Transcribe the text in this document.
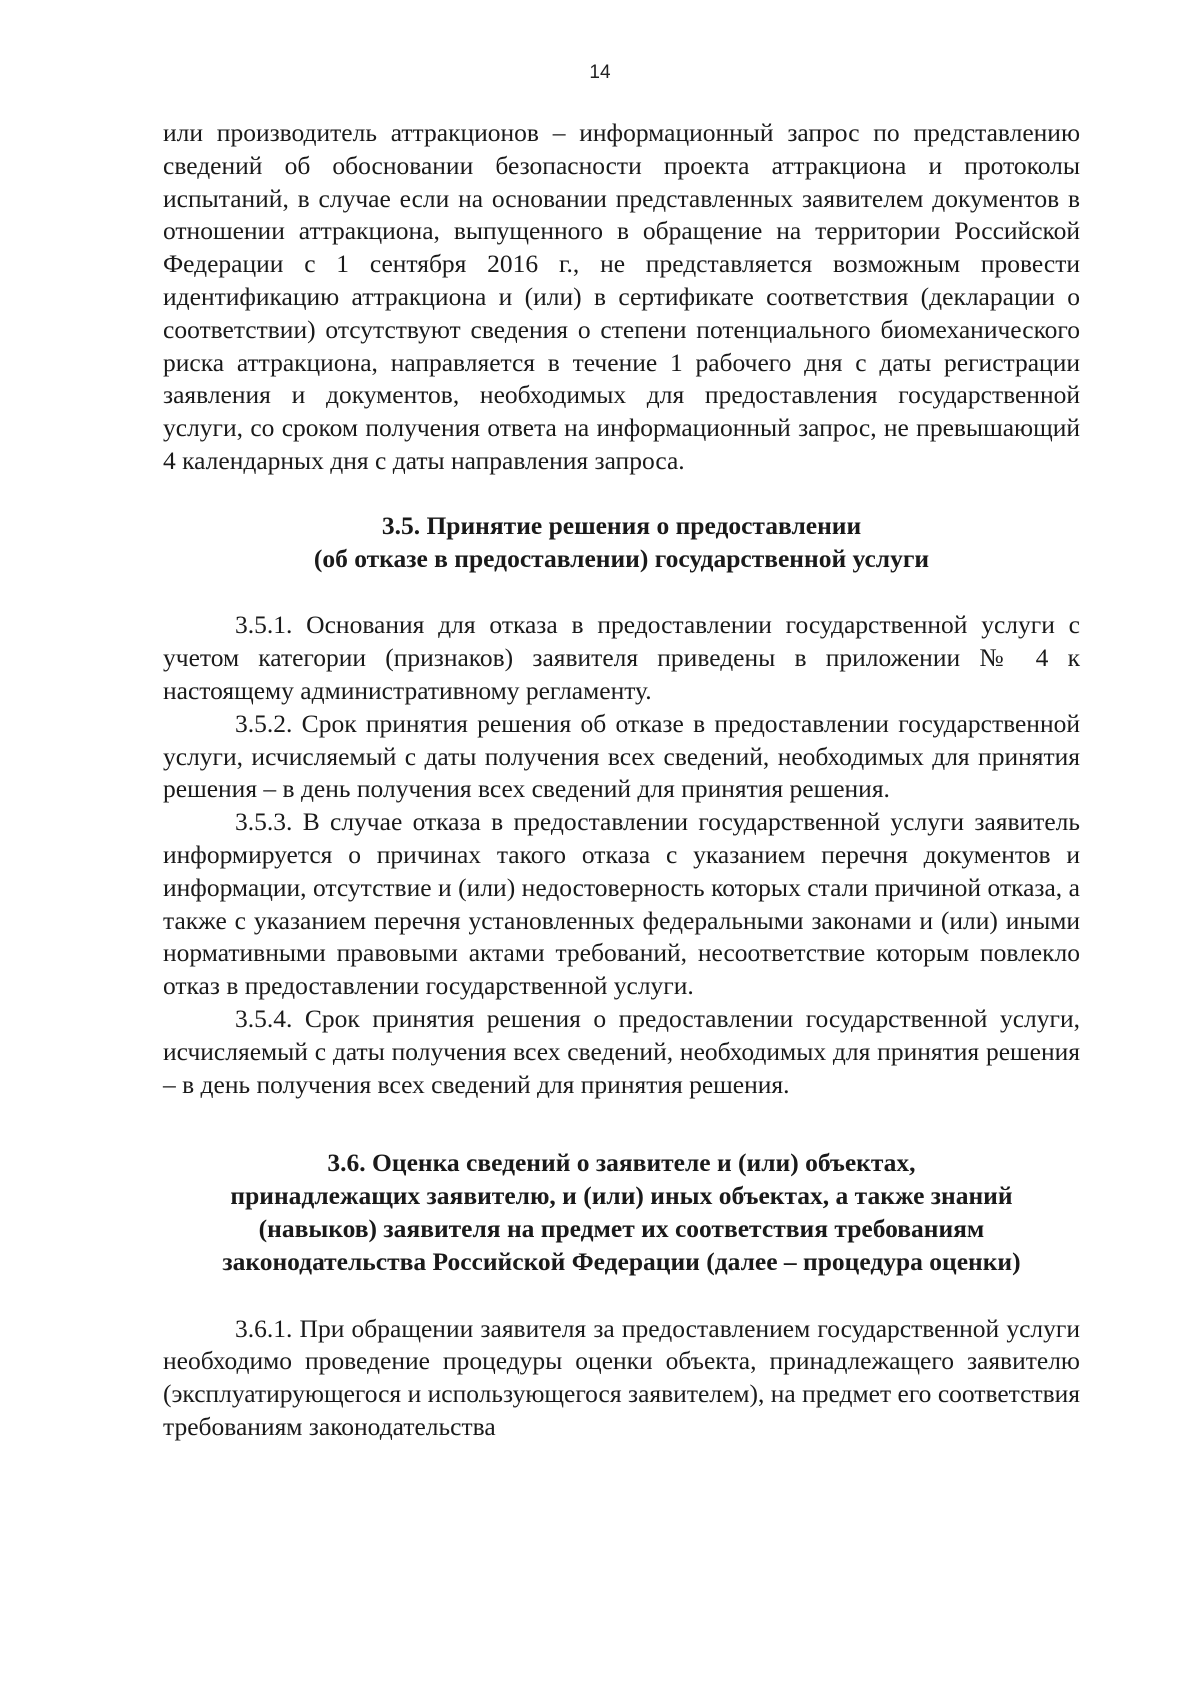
14

или производитель аттракционов – информационный запрос по представлению сведений об обосновании безопасности проекта аттракциона и протоколы испытаний, в случае если на основании представленных заявителем документов в отношении аттракциона, выпущенного в обращение на территории Российской Федерации с 1 сентября 2016 г., не представляется возможным провести идентификацию аттракциона и (или) в сертификате соответствия (декларации о соответствии) отсутствуют сведения о степени потенциального биомеханического риска аттракциона, направляется в течение 1 рабочего дня с даты регистрации заявления и документов, необходимых для предоставления государственной услуги, со сроком получения ответа на информационный запрос, не превышающий 4 календарных дня с даты направления запроса.

3.5. Принятие решения о предоставлении
(об отказе в предоставлении) государственной услуги

3.5.1. Основания для отказа в предоставлении государственной услуги с учетом категории (признаков) заявителя приведены в приложении № 4 к настоящему административному регламенту.

3.5.2. Срок принятия решения об отказе в предоставлении государственной услуги, исчисляемый с даты получения всех сведений, необходимых для принятия решения – в день получения всех сведений для принятия решения.

3.5.3. В случае отказа в предоставлении государственной услуги заявитель информируется о причинах такого отказа с указанием перечня документов и информации, отсутствие и (или) недостоверность которых стали причиной отказа, а также с указанием перечня установленных федеральными законами и (или) иными нормативными правовыми актами требований, несоответствие которым повлекло отказ в предоставлении государственной услуги.

3.5.4. Срок принятия решения о предоставлении государственной услуги, исчисляемый с даты получения всех сведений, необходимых для принятия решения – в день получения всех сведений для принятия решения.

3.6. Оценка сведений о заявителе и (или) объектах,
принадлежащих заявителю, и (или) иных объектах, а также знаний
(навыков) заявителя на предмет их соответствия требованиям
законодательства Российской Федерации (далее – процедура оценки)

3.6.1. При обращении заявителя за предоставлением государственной услуги необходимо проведение процедуры оценки объекта, принадлежащего заявителю (эксплуатирующегося и использующегося заявителем), на предмет его соответствия требованиям законодательства
